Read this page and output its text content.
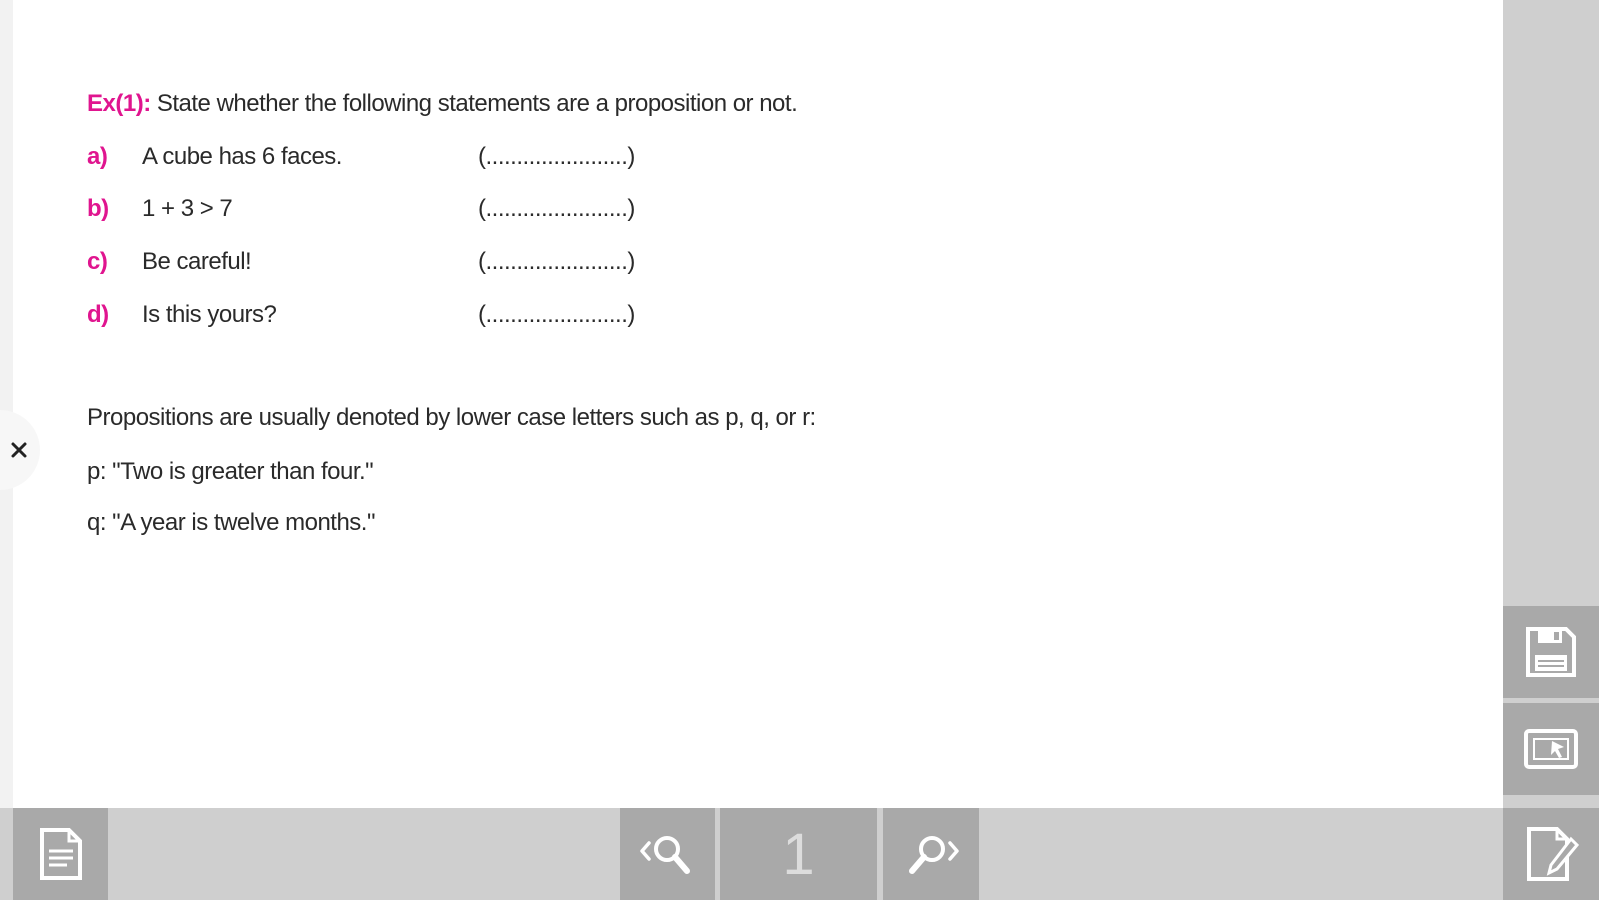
Ex(1): State whether the following statements are a proposition or not.
a) A cube has 6 faces.	(.......................)
b) 1 + 3 > 7	(.......................)
c) Be careful!	(.......................)
d) Is this yours?	(.......................)
Propositions are usually denoted by lower case letters such as p, q, or r:
p: "Two is greater than four."
q: "A year is twelve months."
1
